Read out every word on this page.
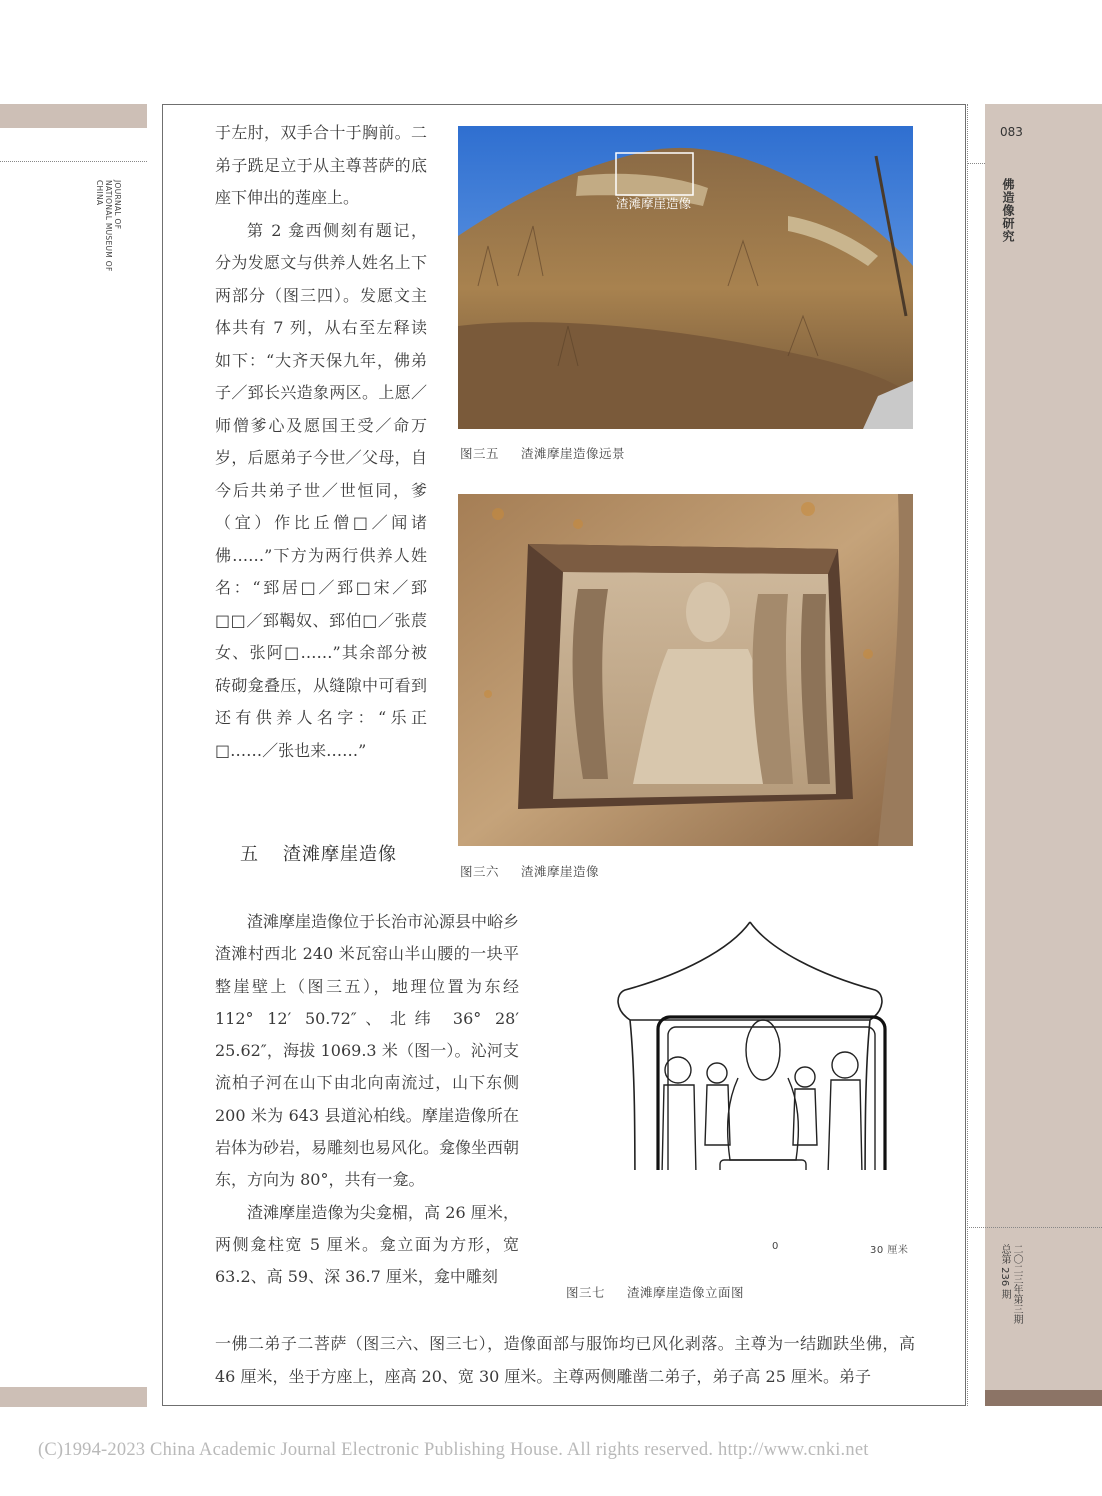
JOURNAL OF
NATIONAL MUSEUM OF
CHINA
083
佛造像研究
二〇二三年第三期
总第 236 期

于左肘，双手合十于胸前。二弟子跣足立于从主尊菩萨的底座下伸出的莲座上。

第 2 龛西侧刻有题记，分为发愿文与供养人姓名上下两部分（图三四）。发愿文主体共有 7 列，从右至左释读如下：“大齐天保九年，佛弟子／郅长兴造象两区。上愿／师僧爹心及愿国王受／命万岁，后愿弟子今世／父母，自今后共弟子世／世恒同，爹（宜）作比丘僧□／闻诸佛……”下方为两行供养人姓名：“郅居□／郅□宋／郅□□／郅鞨奴、郅伯□／张莀女、张阿□……”其余部分被砖砌龛叠压，从缝隙中可看到还有供养人名字：“乐正□……／张也来……”

五 渣滩摩崖造像

渣滩摩崖造像位于长治市沁源县中峪乡渣滩村西北 240 米瓦窑山半山腰的一块平整崖壁上（图三五），地理位置为东经 112° 12′ 50.72″、北纬 36° 28′ 25.62″，海拔 1069.3 米（图一）。沁河支流柏子河在山下由北向南流过，山下东侧 200 米为 643 县道沁柏线。摩崖造像所在岩体为砂岩，易雕刻也易风化。龛像坐西朝东，方向为 80°，共有一龛。

渣滩摩崖造像为尖龛楣，高 26 厘米，两侧龛柱宽 5 厘米。龛立面为方形，宽 63.2、高 59、深 36.7 厘米，龛中雕刻

一佛二弟子二菩萨（图三六、图三七），造像面部与服饰均已风化剥落。主尊为一结跏趺坐佛，高 46 厘米，坐于方座上，座高 20、宽 30 厘米。主尊两侧雕凿二弟子，弟子高 25 厘米。弟子
渣滩摩崖造像
图三五 渣滩摩崖造像远景
图三六 渣滩摩崖造像
0	30 厘米
图三七 渣滩摩崖造像立面图
(C)1994-2023 China Academic Journal Electronic Publishing House. All rights reserved. http://www.cnki.net
